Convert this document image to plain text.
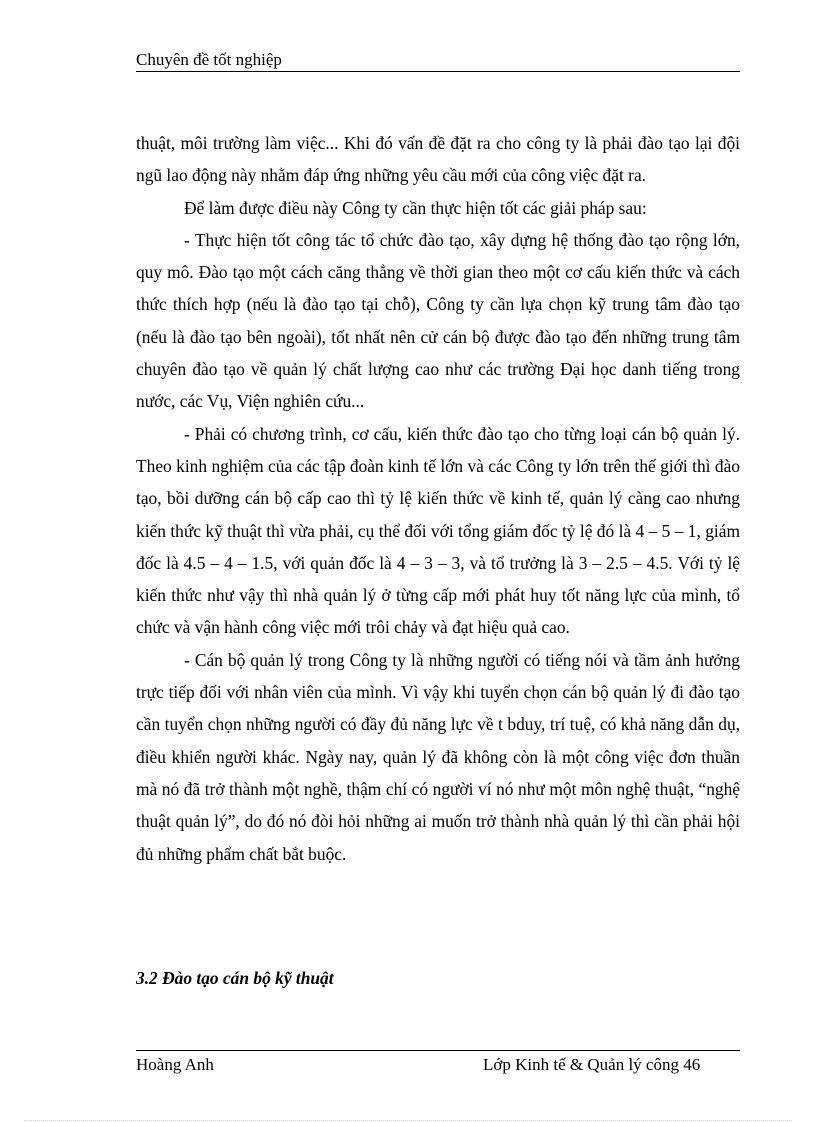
Chuyên đề tốt nghiệp

thuật, môi trường làm việc... Khi đó vấn đề đặt ra cho công ty là phải đào tạo lại đội ngũ lao động này nhằm đáp ứng những yêu cầu mới của công việc đặt ra.

Để làm được điều này Công ty cần thực hiện tốt các giải pháp sau:

- Thực hiện tốt công tác tổ chức đào tạo, xây dựng hệ thống đào tạo rộng lớn, quy mô. Đào tạo một cách căng thẳng về thời gian theo một cơ cấu kiến thức và cách thức thích hợp (nếu là đào tạo tại chỗ), Công ty cần lựa chọn kỹ trung tâm đào tạo (nếu là đào tạo bên ngoài), tốt nhất nên cử cán bộ được đào tạo đến những trung tâm chuyên đào tạo về quản lý chất lượng cao như các trường Đại học danh tiếng trong nước, các Vụ, Viện nghiên cứu...

- Phải có chương trình, cơ cấu, kiến thức đào tạo cho từng loại cán bộ quản lý. Theo kinh nghiệm của các tập đoàn kinh tế lớn và các Công ty lớn trên thế giới thì đào tạo, bồi dưỡng cán bộ cấp cao thì tỷ lệ kiến thức về kinh tế, quản lý càng cao nhưng kiến thức kỹ thuật thì vừa phải, cụ thể đối với tổng giám đốc tỷ lệ đó là 4 – 5 – 1, giám đốc là 4.5 – 4 – 1.5, với quản đốc là 4 – 3 – 3, và tổ trưởng là 3 – 2.5 – 4.5. Với tỷ lệ kiến thức như vậy thì nhà quản lý ở từng cấp mới phát huy tốt năng lực của mình, tổ chức và vận hành công việc mới trôi chảy và đạt hiệu quả cao.

- Cán bộ quản lý trong Công ty là những người có tiếng nói và tầm ảnh hưởng trực tiếp đối với nhân viên của mình. Vì vậy khi tuyển chọn cán bộ quản lý đi đào tạo cần tuyển chọn những người có đầy đủ năng lực về t bduy, trí tuệ, có khả năng dẫn dụ, điều khiển người khác. Ngày nay, quản lý đã không còn là một công việc đơn thuần mà nó đã trở thành một nghề, thậm chí có người ví nó như một môn nghệ thuật, “nghệ thuật quản lý”, do đó nó đòi hỏi những ai muốn trở thành nhà quản lý thì cần phải hội đủ những phẩm chất bắt buộc.

3.2 Đào tạo cán bộ kỹ thuật
Hoàng Anh	Lớp Kinh tế & Quản lý công 46
